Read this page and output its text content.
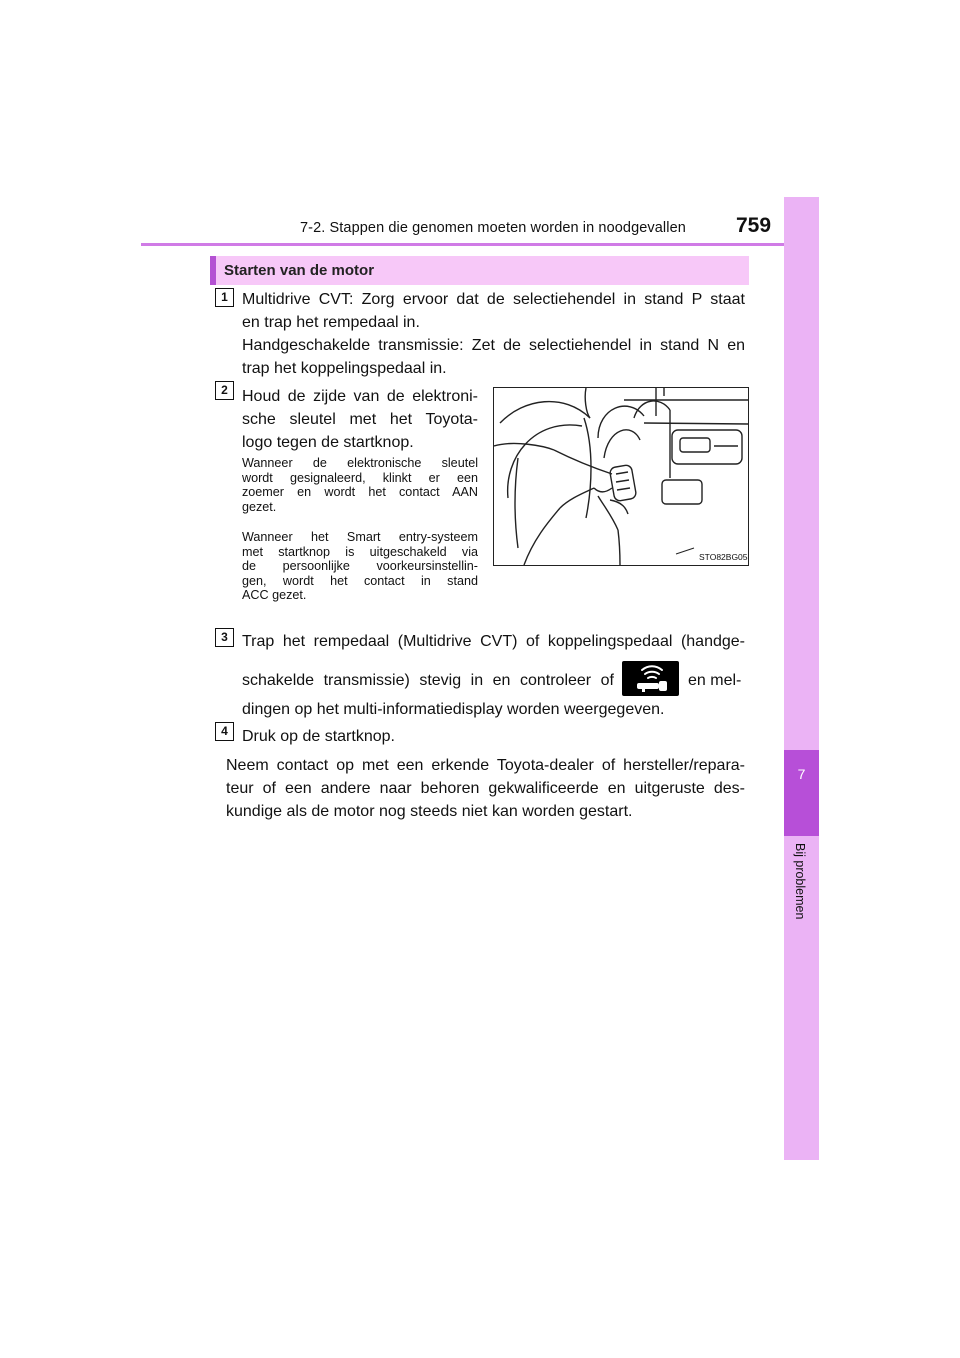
7-2. Stappen die genomen moeten worden in noodgevallen 759
7
Bij problemen
Starten van de motor
1 Multidrive CVT: Zorg ervoor dat de selectiehendel in stand P staat
en trap het rempedaal in.
Handgeschakelde transmissie: Zet de selectiehendel in stand N en
trap het koppelingspedaal in.
2 Houd de zijde van de elektroni-
sche sleutel met het Toyota-
logo tegen de startknop.
Wanneer de elektronische sleutel
wordt gesignaleerd, klinkt er een
zoemer en wordt het contact AAN
gezet.
Wanneer het Smart entry-systeem
met startknop is uitgeschakeld via
de persoonlijke voorkeursinstellin-
gen, wordt het contact in stand
ACC gezet.
STO82BG058
3 Trap het rempedaal (Multidrive CVT) of koppelingspedaal (handge-
schakelde transmissie) stevig in en controleer of	en mel-
dingen op het multi-informatiedisplay worden weergegeven.
4 Druk op de startknop.
Neem contact op met een erkende Toyota-dealer of hersteller/repara-
teur of een andere naar behoren gekwalificeerde en uitgeruste des-
kundige als de motor nog steeds niet kan worden gestart.
